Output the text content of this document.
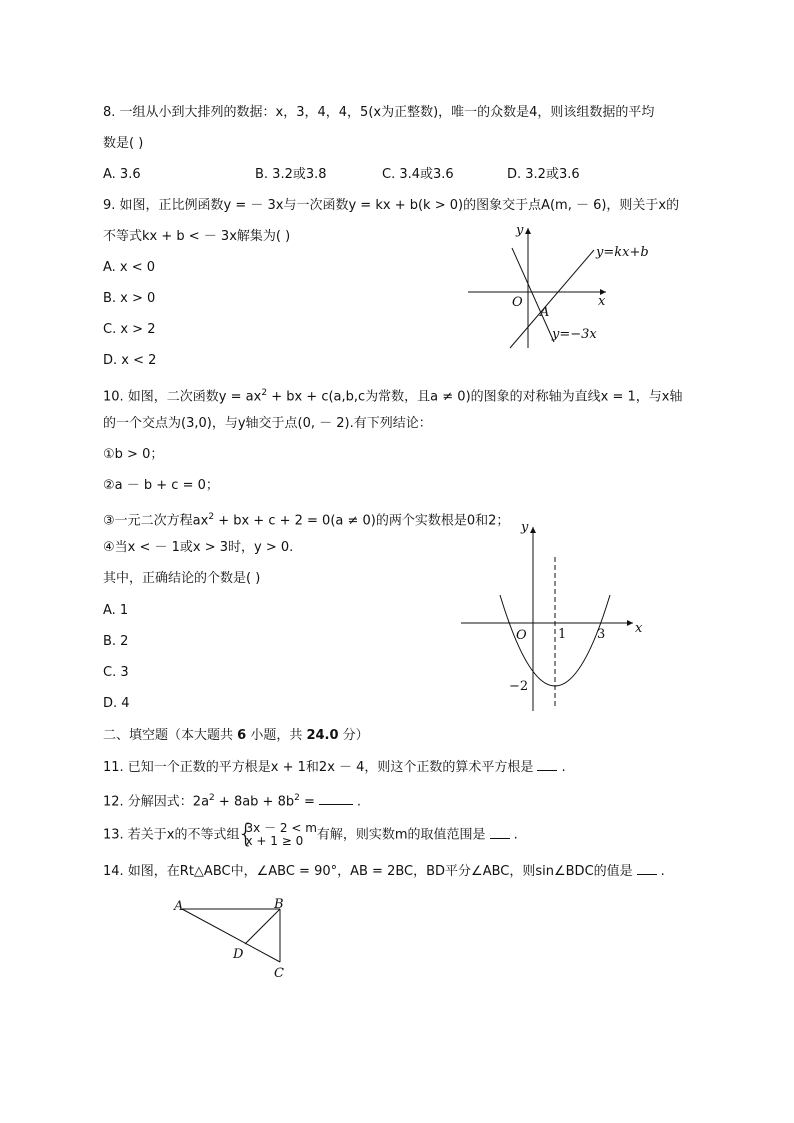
8. 一组从小到大排列的数据：x，3，4，4，5(x为正整数)，唯一的众数是4，则该组数据的平均
数是( )
A. 3.6	B. 3.2或3.8	C. 3.4或3.6	D. 3.2或3.6
9. 如图，正比例函数y = － 3x与一次函数y = kx + b(k > 0)的图象交于点A(m, － 6)，则关于x的
不等式kx + b < － 3x解集为( )
A. x < 0
B. x > 0
C. x > 2
D. x < 2
y
x
O
A
y=kx+b
y=−3x
10. 如图，二次函数$y = ax^2$ + bx + c(a,b,c为常数，且a ≠ 0)的图象的对称轴为直线x = 1，与x轴
的一个交点为(3,0)，与y轴交于点(0, － 2).有下列结论：
①b > 0；
②a － b + c = 0；
③一元二次方程$ax^2$ + bx + c + 2 = 0(a ≠ 0)的两个实数根是0和2；
④当x < － 1或x > 3时，y > 0.
其中，正确结论的个数是( )
A. 1
B. 2
C. 3
D. 4
y
x
O 1 3
−2
二、填空题（本大题共 6 小题，共 24.0 分）
11. 已知一个正数的平方根是x + 1和2x － 4，则这个正数的算术平方根是 .
12. 分解因式：$2a^2 + 8ab + 8b^2$ =	.
13. 若关于x的不等式组
{ 3x － 2 < m
x + 1 ≥ 0	有解，则实数m的取值范围是 .
14. 如图，在Rt△ABC中，∠ABC = 90°，AB = 2BC，BD平分∠ABC，则sin∠BDC的值是 .
A	B
C
D
